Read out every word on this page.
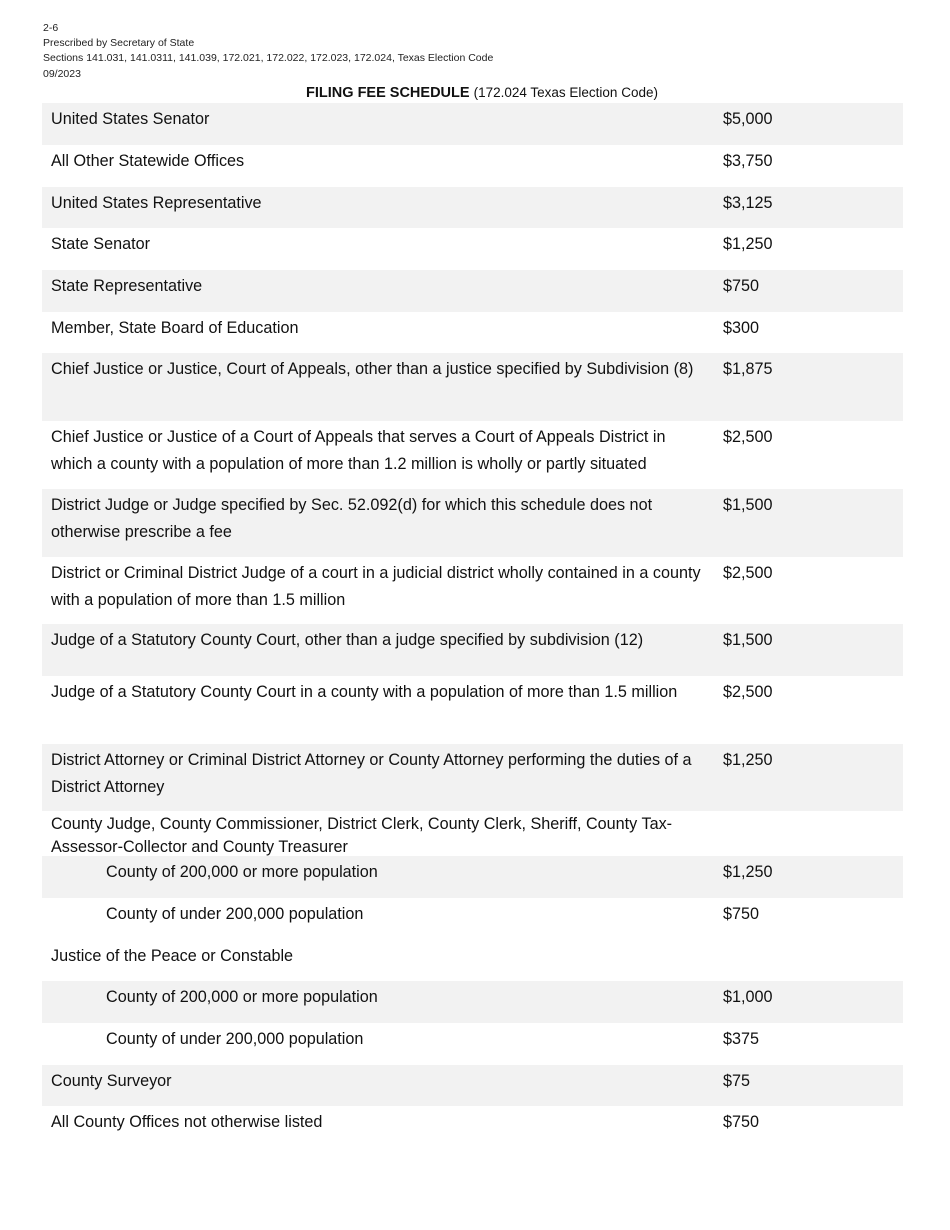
2-6
Prescribed by Secretary of State
Sections 141.031, 141.0311, 141.039, 172.021, 172.022, 172.023, 172.024, Texas Election Code
09/2023
FILING FEE SCHEDULE (172.024 Texas Election Code)
United States Senator	$5,000
All Other Statewide Offices	$3,750
United States Representative	$3,125
State Senator	$1,250
State Representative	$750
Member, State Board of Education	$300
Chief Justice or Justice, Court of Appeals, other than a justice specified by Subdivision (8)	$1,875
Chief Justice or Justice of a Court of Appeals that serves a Court of Appeals District in which a county with a population of more than 1.2 million is wholly or partly situated
$2,500
District Judge or Judge specified by Sec. 52.092(d) for which this schedule does not otherwise prescribe a fee
$1,500
District or Criminal District Judge of a court in a judicial district wholly contained in a county with a population of more than 1.5 million
$2,500
Judge of a Statutory County Court, other than a judge specified by subdivision (12)	$1,500
Judge of a Statutory County Court in a county with a population of more than 1.5 million	$2,500
District Attorney or Criminal District Attorney or County Attorney performing the duties of a District Attorney
$1,250
County Judge, County Commissioner, District Clerk, County Clerk, Sheriff, County Tax-Assessor-Collector and County Treasurer
County of 200,000 or more population	$1,250
County of under 200,000 population	$750
Justice of the Peace or Constable
County of 200,000 or more population	$1,000
County of under 200,000 population	$375
County Surveyor	$75
All County Offices not otherwise listed	$750
